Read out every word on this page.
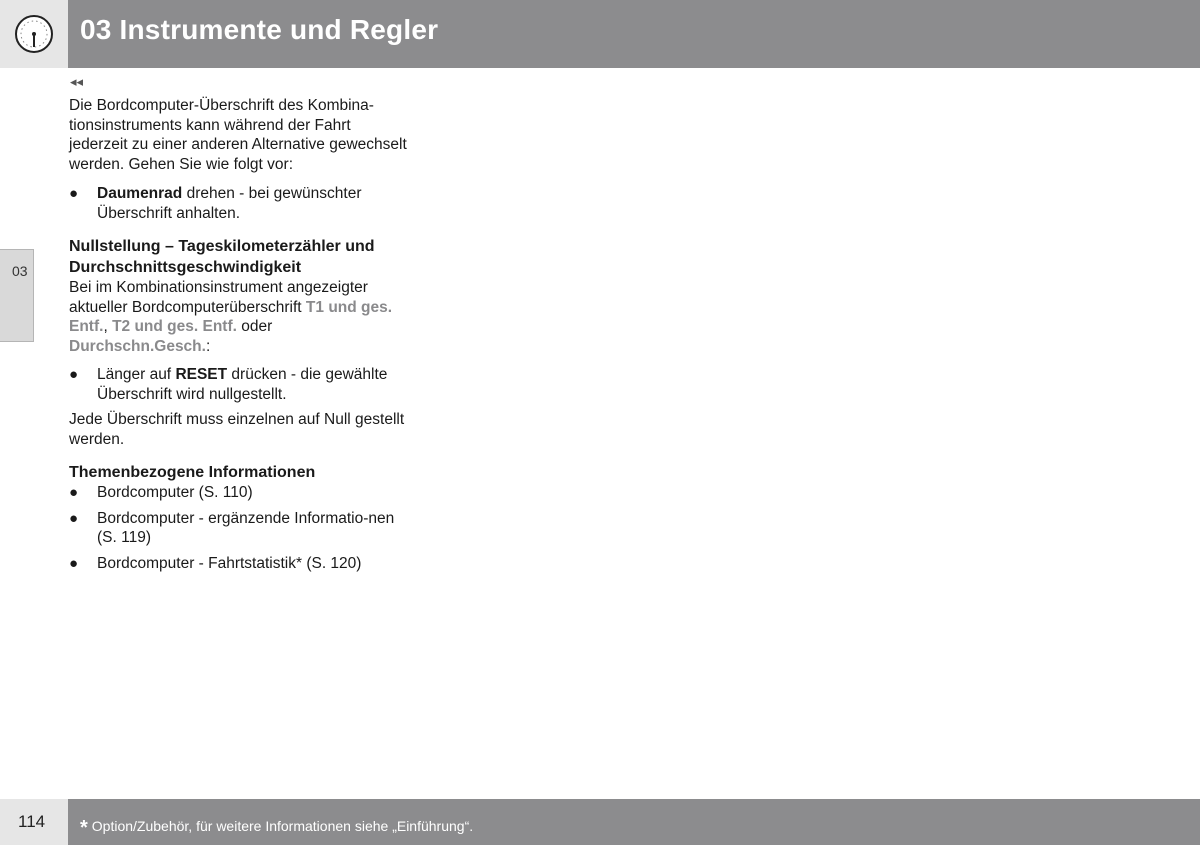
03 Instrumente und Regler
◂◂
03

Die Bordcomputer-Überschrift des Kombina-tionsinstruments kann während der Fahrt jederzeit zu einer anderen Alternative gewechselt werden. Gehen Sie wie folgt vor:

● Daumenrad drehen - bei gewünschter Überschrift anhalten.

Nullstellung – Tageskilometerzähler und Durchschnittsgeschwindigkeit

Bei im Kombinationsinstrument angezeigter aktueller Bordcomputerüberschrift T1 und ges. Entf., T2 und ges. Entf. oder Durchschn.Gesch.:

● Länger auf RESET drücken - die gewählte Überschrift wird nullgestellt.

Jede Überschrift muss einzelnen auf Null gestellt werden.

Themenbezogene Informationen

● Bordcomputer (S. 110)
● Bordcomputer - ergänzende Informatio-nen (S. 119)
● Bordcomputer - Fahrtstatistik* (S. 120)
114 * Option/Zubehör, für weitere Informationen siehe „Einführung“.
